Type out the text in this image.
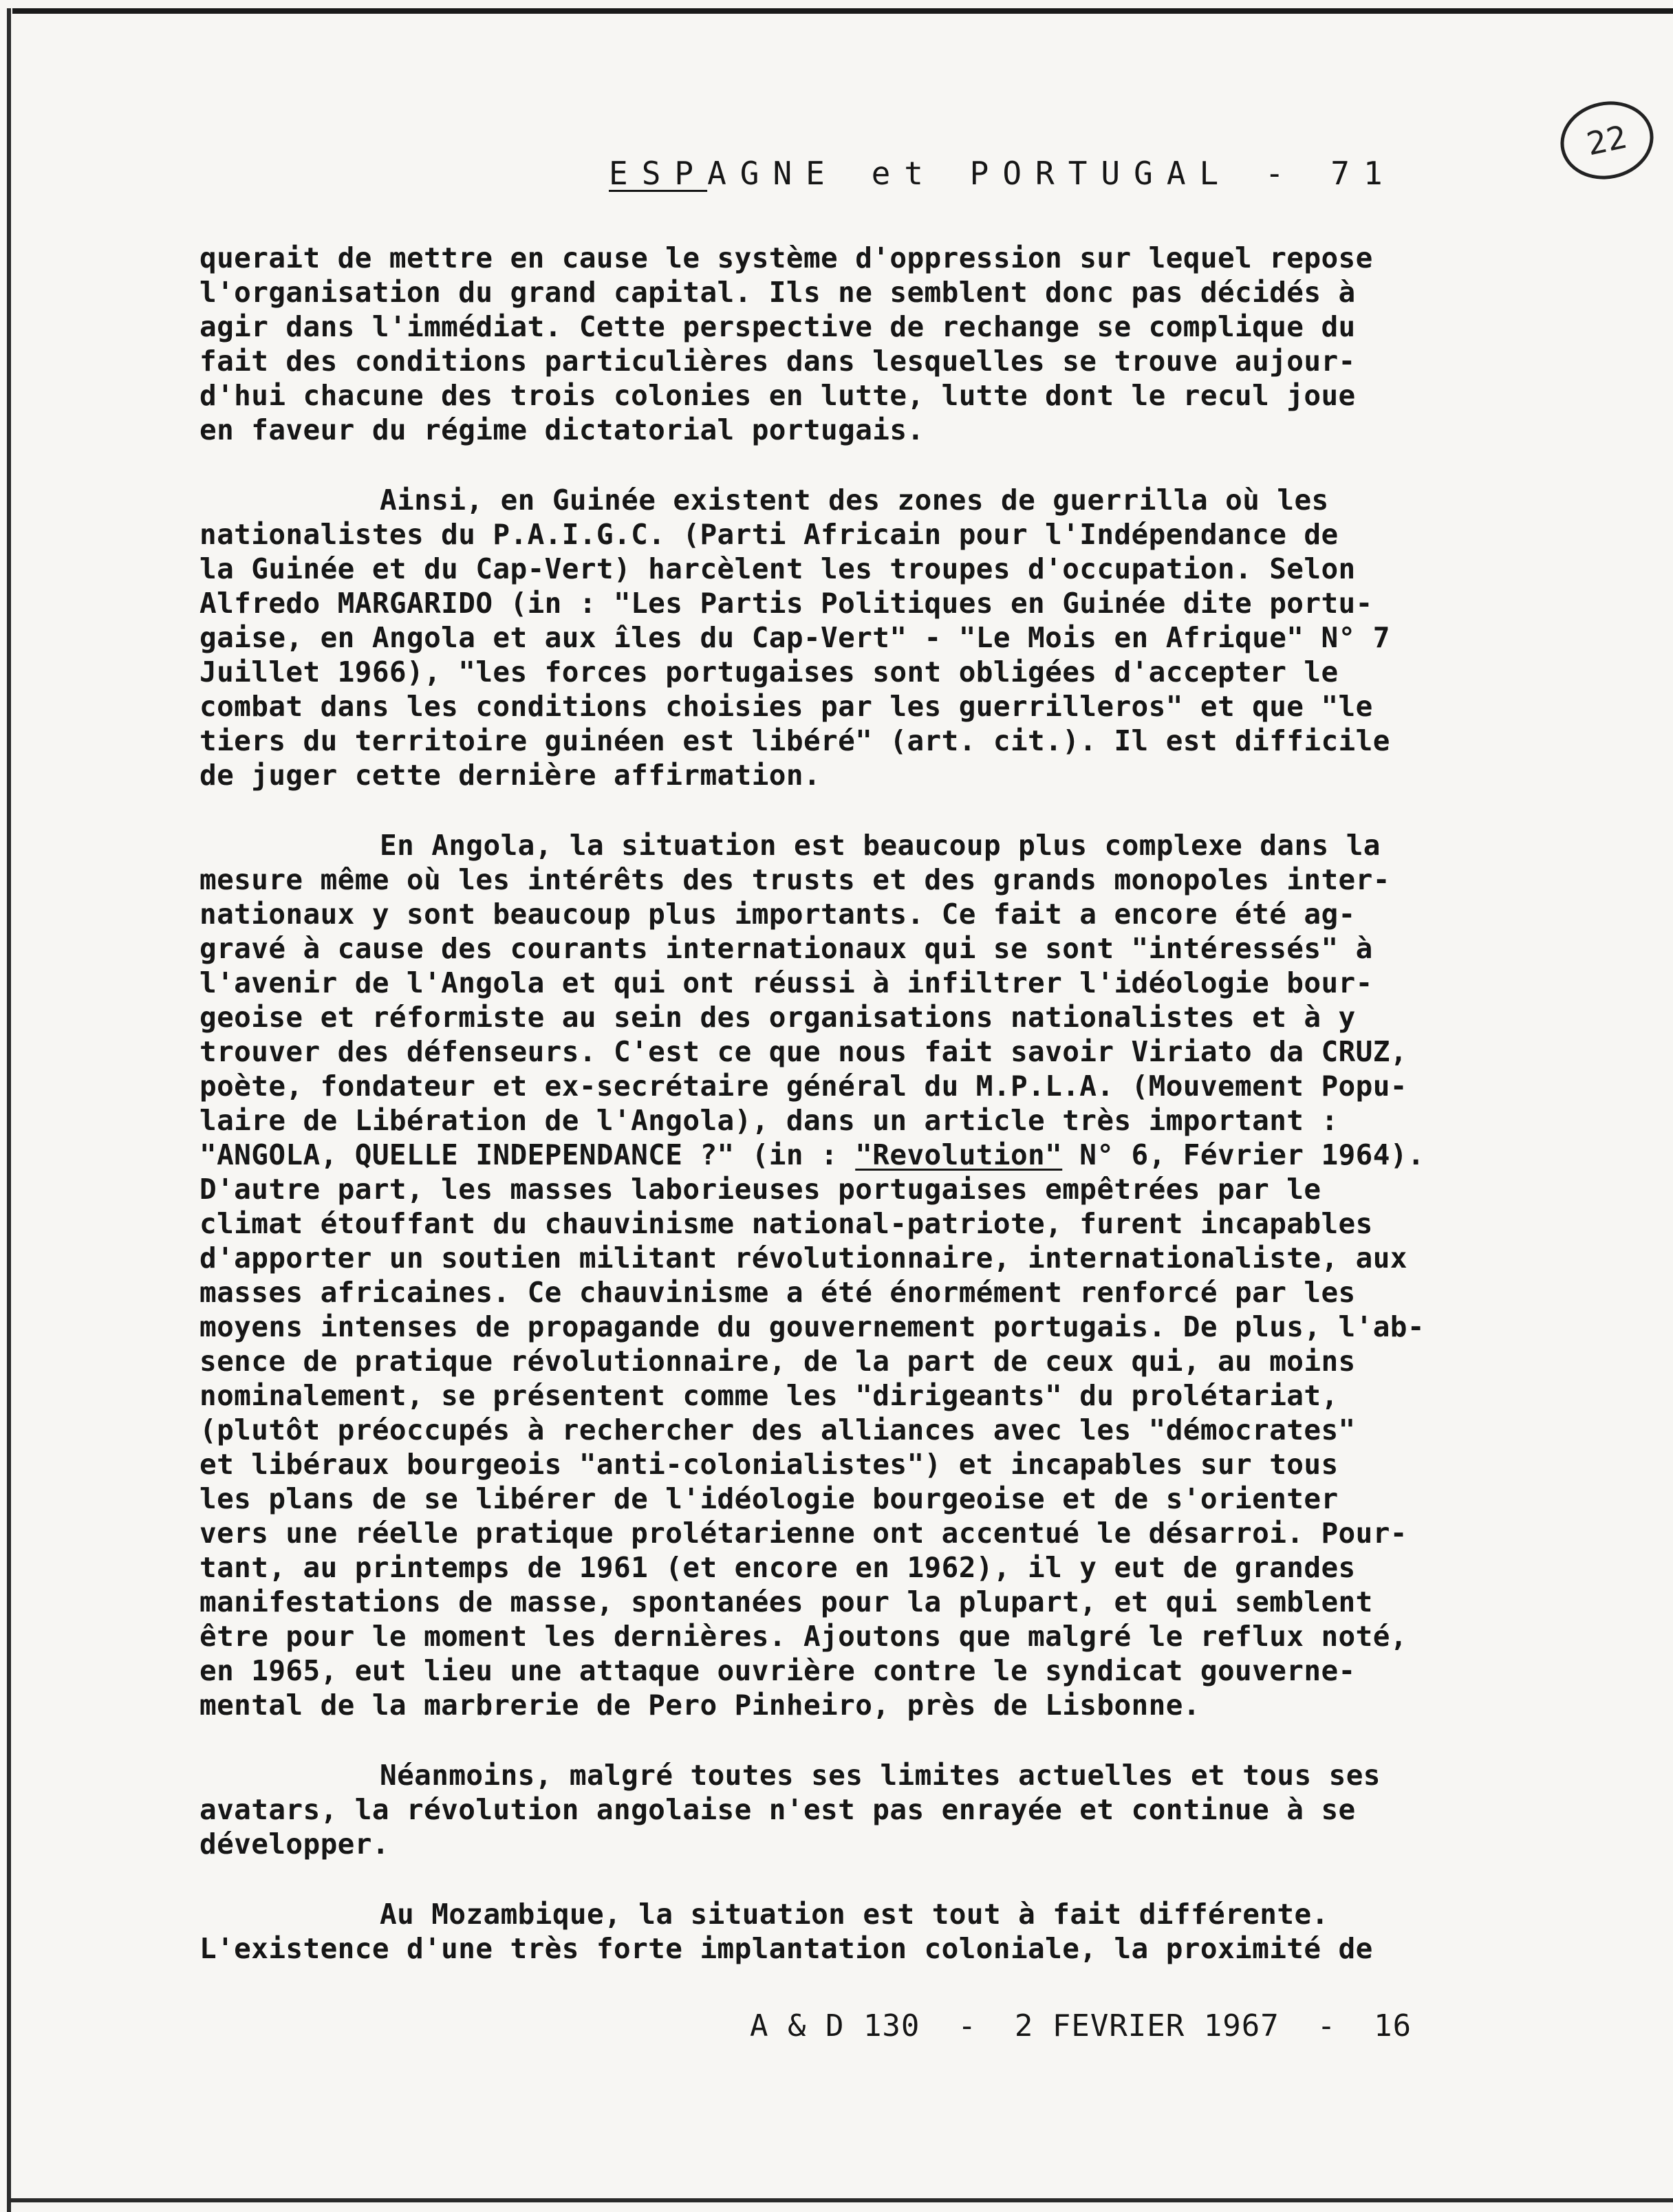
22
ESPAGNE et PORTUGAL - 71
querait de mettre en cause le système d'oppression sur lequel repose
l'organisation du grand capital. Ils ne semblent donc pas décidés à
agir dans l'immédiat. Cette perspective de rechange se complique du
fait des conditions particulières dans lesquelles se trouve aujour-
d'hui chacune des trois colonies en lutte, lutte dont le recul joue
en faveur du régime dictatorial portugais.
Ainsi, en Guinée existent des zones de guerrilla où les
nationalistes du P.A.I.G.C. (Parti Africain pour l'Indépendance de
la Guinée et du Cap-Vert) harcèlent les troupes d'occupation. Selon
Alfredo MARGARIDO (in : "Les Partis Politiques en Guinée dite portu-
gaise, en Angola et aux îles du Cap-Vert" - "Le Mois en Afrique" N° 7
Juillet 1966), "les forces portugaises sont obligées d'accepter le
combat dans les conditions choisies par les guerrilleros" et que "le
tiers du territoire guinéen est libéré" (art. cit.). Il est difficile
de juger cette dernière affirmation.
En Angola, la situation est beaucoup plus complexe dans la
mesure même où les intérêts des trusts et des grands monopoles inter-
nationaux y sont beaucoup plus importants. Ce fait a encore été ag-
gravé à cause des courants internationaux qui se sont "intéressés" à
l'avenir de l'Angola et qui ont réussi à infiltrer l'idéologie bour-
geoise et réformiste au sein des organisations nationalistes et à y
trouver des défenseurs. C'est ce que nous fait savoir Viriato da CRUZ,
poète, fondateur et ex-secrétaire général du M.P.L.A. (Mouvement Popu-
laire de Libération de l'Angola), dans un article très important :
"ANGOLA, QUELLE INDEPENDANCE ?" (in : "Revolution" N° 6, Février 1964).
D'autre part, les masses laborieuses portugaises empêtrées par le
climat étouffant du chauvinisme national-patriote, furent incapables
d'apporter un soutien militant révolutionnaire, internationaliste, aux
masses africaines. Ce chauvinisme a été énormément renforcé par les
moyens intenses de propagande du gouvernement portugais. De plus, l'ab-
sence de pratique révolutionnaire, de la part de ceux qui, au moins
nominalement, se présentent comme les "dirigeants" du prolétariat,
(plutôt préoccupés à rechercher des alliances avec les "démocrates"
et libéraux bourgeois "anti-colonialistes") et incapables sur tous
les plans de se libérer de l'idéologie bourgeoise et de s'orienter
vers une réelle pratique prolétarienne ont accentué le désarroi. Pour-
tant, au printemps de 1961 (et encore en 1962), il y eut de grandes
manifestations de masse, spontanées pour la plupart, et qui semblent
être pour le moment les dernières. Ajoutons que malgré le reflux noté,
en 1965, eut lieu une attaque ouvrière contre le syndicat gouverne-
mental de la marbrerie de Pero Pinheiro, près de Lisbonne.
Néanmoins, malgré toutes ses limites actuelles et tous ses
avatars, la révolution angolaise n'est pas enrayée et continue à se
développer.
Au Mozambique, la situation est tout à fait différente.
L'existence d'une très forte implantation coloniale, la proximité de
A & D 130  -  2 FEVRIER 1967  -  16
